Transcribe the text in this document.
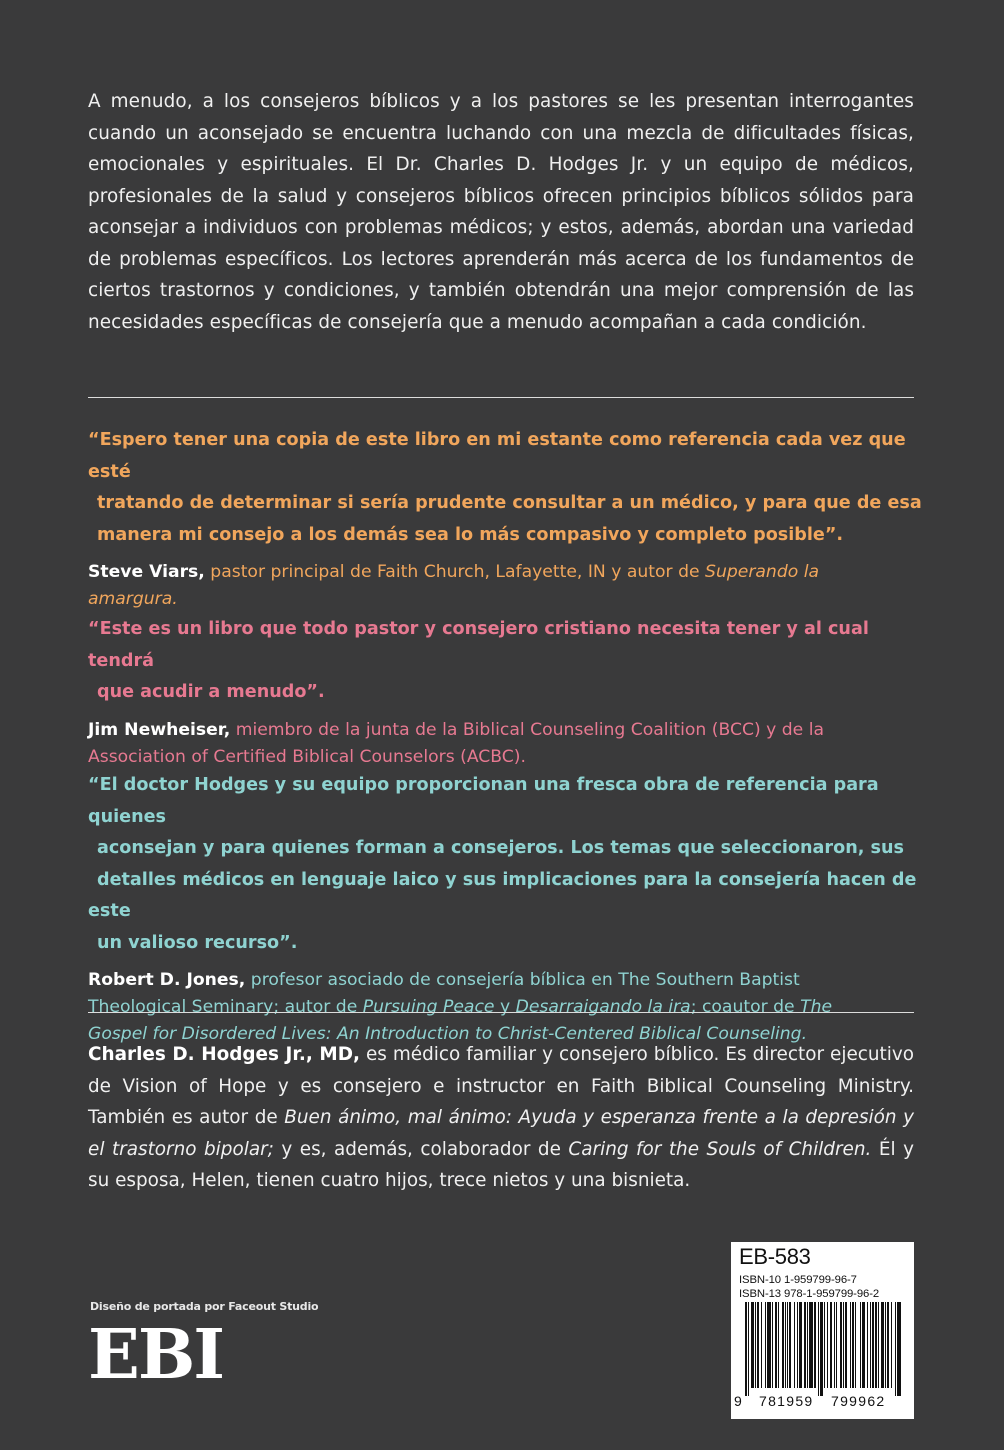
A menudo, a los consejeros bíblicos y a los pastores se les presentan interrogantes cuando un aconsejado se encuentra luchando con una mezcla de dificultades físicas, emocionales y espirituales. El Dr. Charles D. Hodges Jr. y un equipo de médicos, profesionales de la salud y consejeros bíblicos ofrecen principios bíblicos sólidos para aconsejar a individuos con problemas médicos; y estos, además, abordan una variedad de problemas específicos. Los lectores aprenderán más acerca de los fundamentos de ciertos trastornos y condiciones, y también obtendrán una mejor comprensión de las necesidades específicas de consejería que a menudo acompañan a cada condición.

“Espero tener una copia de este libro en mi estante como referencia cada vez que esté
tratando de determinar si sería prudente consultar a un médico, y para que de esa
manera mi consejo a los demás sea lo más compasivo y completo posible”.

Steve Viars, pastor principal de Faith Church, Lafayette, IN y autor de Superando la
amargura.

“Este es un libro que todo pastor y consejero cristiano necesita tener y al cual tendrá
que acudir a menudo”.

Jim Newheiser, miembro de la junta de la Biblical Counseling Coalition (BCC) y de la
Association of Certified Biblical Counselors (ACBC).

“El doctor Hodges y su equipo proporcionan una fresca obra de referencia para quienes
aconsejan y para quienes forman a consejeros. Los temas que seleccionaron, sus
detalles médicos en lenguaje laico y sus implicaciones para la consejería hacen de este
un valioso recurso”.

Robert D. Jones, profesor asociado de consejería bíblica en The Southern Baptist
Theological Seminary; autor de Pursuing Peace y Desarraigando la ira; coautor de The
Gospel for Disordered Lives: An Introduction to Christ-Centered Biblical Counseling.

Charles D. Hodges Jr., MD, es médico familiar y consejero bíblico. Es director ejecutivo de Vision of Hope y es consejero e instructor en Faith Biblical Counseling Ministry. También es autor de Buen ánimo, mal ánimo: Ayuda y esperanza frente a la depresión y el trastorno bipolar; y es, además, colaborador de Caring for the Souls of Children. Él y su esposa, Helen, tienen cuatro hijos, trece nietos y una bisnieta.

Diseño de portada por Faceout Studio
EBI
EB-583
ISBN-10 1-959799-96-7
ISBN-13 978-1-959799-96-2
9 781959 799962
